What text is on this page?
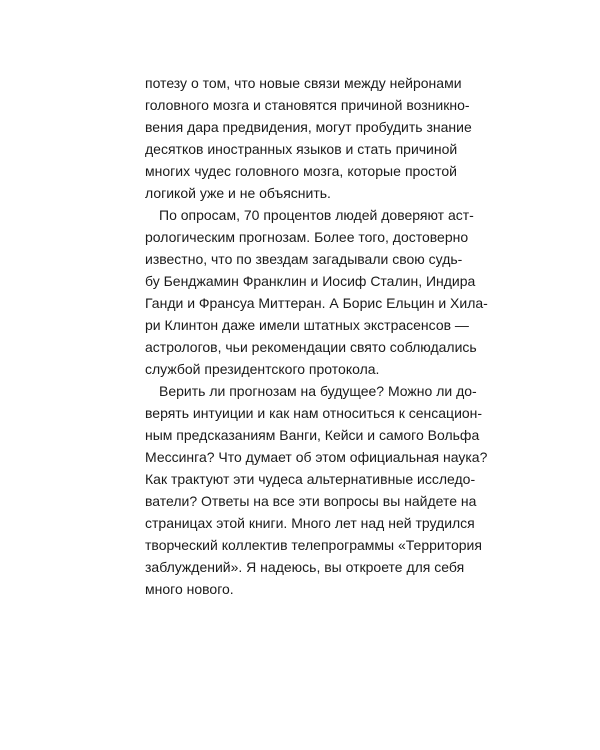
потезу о том, что новые связи между нейронами
головного мозга и становятся причиной возникно-
вения дара предвидения, могут пробудить знание
десятков иностранных языков и стать причиной
многих чудес головного мозга, которые простой
логикой уже и не объяснить.
По опросам, 70 процентов людей доверяют аст-
рологическим прогнозам. Более того, достоверно
известно, что по звездам загадывали свою судь-
бу Бенджамин Франклин и Иосиф Сталин, Индира
Ганди и Франсуа Миттеран. А Борис Ельцин и Хила-
ри Клинтон даже имели штатных экстрасенсов —
астрологов, чьи рекомендации свято соблюдались
службой президентского протокола.
Верить ли прогнозам на будущее? Можно ли до-
верять интуиции и как нам относиться к сенсацион-
ным предсказаниям Ванги, Кейси и самого Вольфа
Мессинга? Что думает об этом официальная наука?
Как трактуют эти чудеса альтернативные исследо-
ватели? Ответы на все эти вопросы вы найдете на
страницах этой книги. Много лет над ней трудился
творческий коллектив телепрограммы «Территория
заблуждений». Я надеюсь, вы откроете для себя
много нового.
